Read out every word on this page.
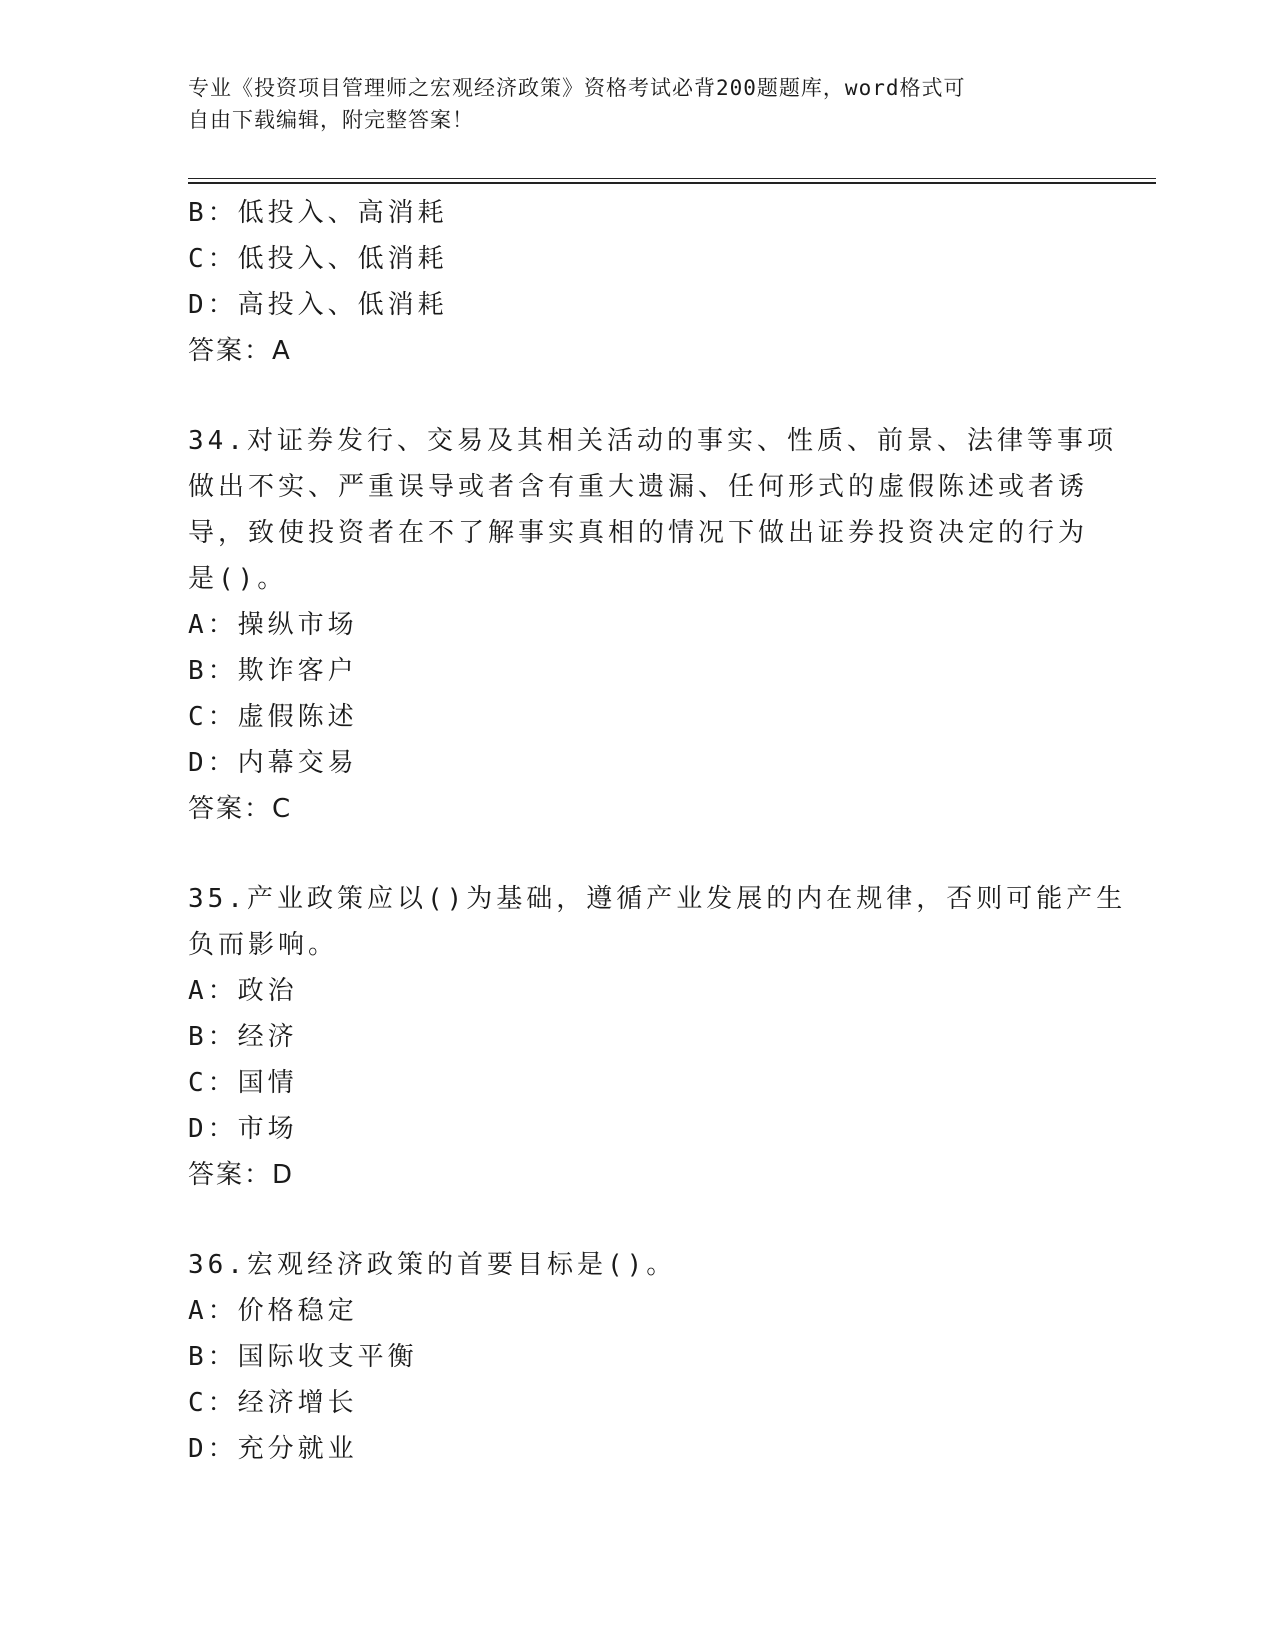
专业《投资项目管理师之宏观经济政策》资格考试必背200题题库，word格式可
自由下载编辑，附完整答案！
B：低投入、高消耗
C：低投入、低消耗
D：高投入、低消耗
答案：A
34.对证券发行、交易及其相关活动的事实、性质、前景、法律等事项
做出不实、严重误导或者含有重大遗漏、任何形式的虚假陈述或者诱
导，致使投资者在不了解事实真相的情况下做出证券投资决定的行为
是()。
A：操纵市场
B：欺诈客户
C：虚假陈述
D：内幕交易
答案：C
35.产业政策应以()为基础，遵循产业发展的内在规律，否则可能产生
负而影响。
A：政治
B：经济
C：国情
D：市场
答案：D
36.宏观经济政策的首要目标是()。
A：价格稳定
B：国际收支平衡
C：经济增长
D：充分就业
